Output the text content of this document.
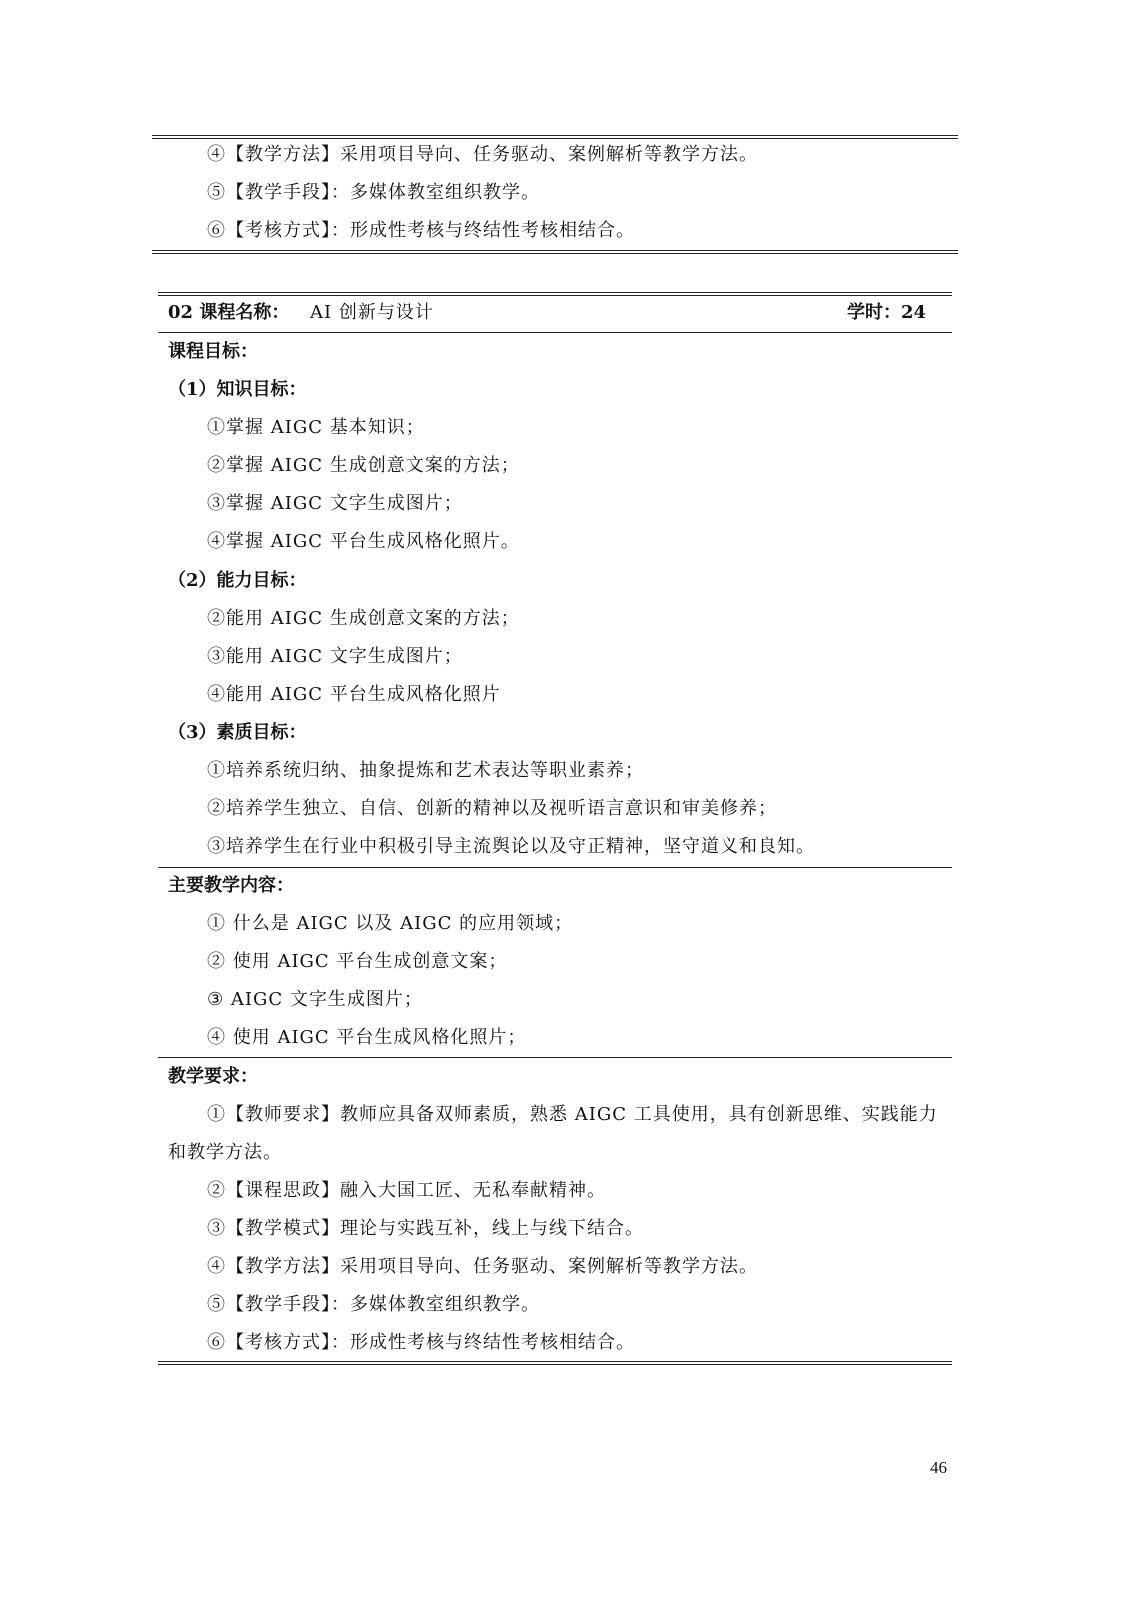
④【教学方法】采用项目导向、任务驱动、案例解析等教学方法。
⑤【教学手段】：多媒体教室组织教学。
⑥【考核方式】：形成性考核与终结性考核相结合。
02 课程名称： AI 创新与设计	学时：24
课程目标：
（1）知识目标：
①掌握 AIGC 基本知识；
②掌握 AIGC 生成创意文案的方法；
③掌握 AIGC 文字生成图片；
④掌握 AIGC 平台生成风格化照片。
（2）能力目标：
②能用 AIGC 生成创意文案的方法；
③能用 AIGC 文字生成图片；
④能用 AIGC 平台生成风格化照片
（3）素质目标：
①培养系统归纳、抽象提炼和艺术表达等职业素养；
②培养学生独立、自信、创新的精神以及视听语言意识和审美修养；
③培养学生在行业中积极引导主流舆论以及守正精神，坚守道义和良知。
主要教学内容：
① 什么是 AIGC 以及 AIGC 的应用领域；
② 使用 AIGC 平台生成创意文案；
③ AIGC 文字生成图片；
④ 使用 AIGC 平台生成风格化照片；
教学要求：
①【教师要求】教师应具备双师素质，熟悉 AIGC 工具使用，具有创新思维、实践能力
和教学方法。
②【课程思政】融入大国工匠、无私奉献精神。
③【教学模式】理论与实践互补，线上与线下结合。
④【教学方法】采用项目导向、任务驱动、案例解析等教学方法。
⑤【教学手段】：多媒体教室组织教学。
⑥【考核方式】：形成性考核与终结性考核相结合。
46
